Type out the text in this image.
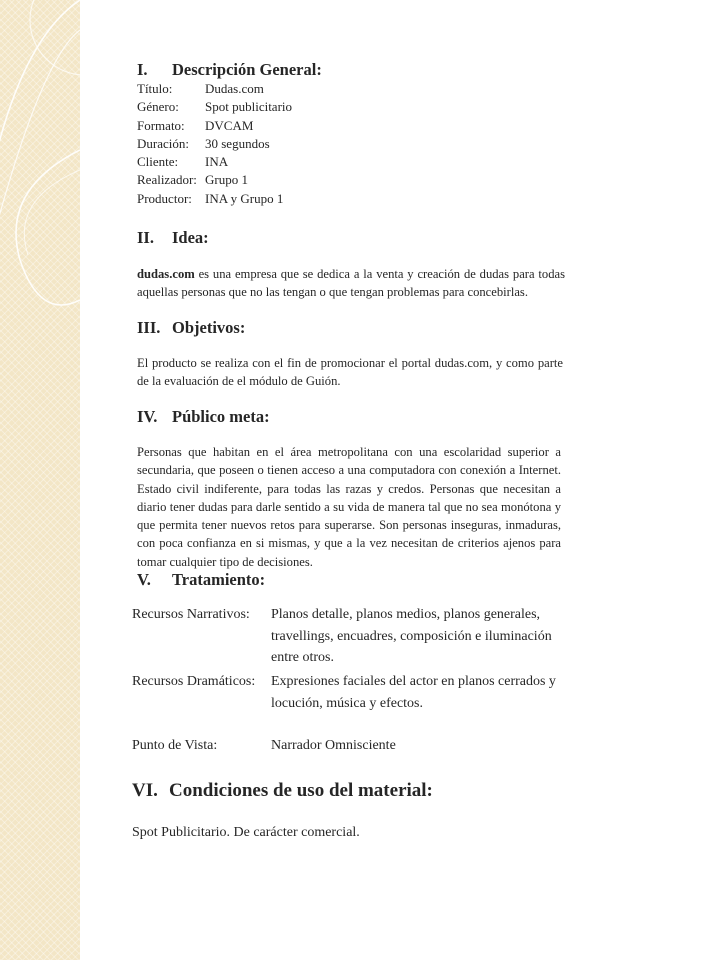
I. Descripción General:
Título:	Dudas.com
Género:	Spot publicitario
Formato:	DVCAM
Duración:	30 segundos
Cliente:	INA
Realizador: Grupo 1
Productor:	INA y Grupo 1
II. Idea:
dudas.com es una empresa que se dedica a la venta y creación de dudas para todas aquellas personas que no las tengan o que tengan problemas para concebirlas.
III. Objetivos:
El producto se realiza con el fin de promocionar el portal dudas.com, y como parte de la evaluación de el módulo de Guión.
IV. Público meta:
Personas que habitan en el área metropolitana con una escolaridad superior a secundaria, que poseen o tienen acceso a una computadora con conexión a Internet. Estado civil indiferente, para todas las razas y credos. Personas que necesitan a diario tener dudas para darle sentido a su vida de manera tal que no sea monótona y que permita tener nuevos retos para superarse. Son personas inseguras, inmaduras, con poca confianza en si mismas, y que a la vez necesitan de criterios ajenos para tomar cualquier tipo de decisiones.
V. Tratamiento:
Recursos Narrativos: Planos detalle, planos medios, planos generales, travellings, encuadres, composición e iluminación entre otros.
Recursos Dramáticos: Expresiones faciales del actor en planos cerrados y locución, música y efectos.
Punto de Vista:	Narrador Omnisciente
VI. Condiciones de uso del material:
Spot Publicitario. De carácter comercial.
